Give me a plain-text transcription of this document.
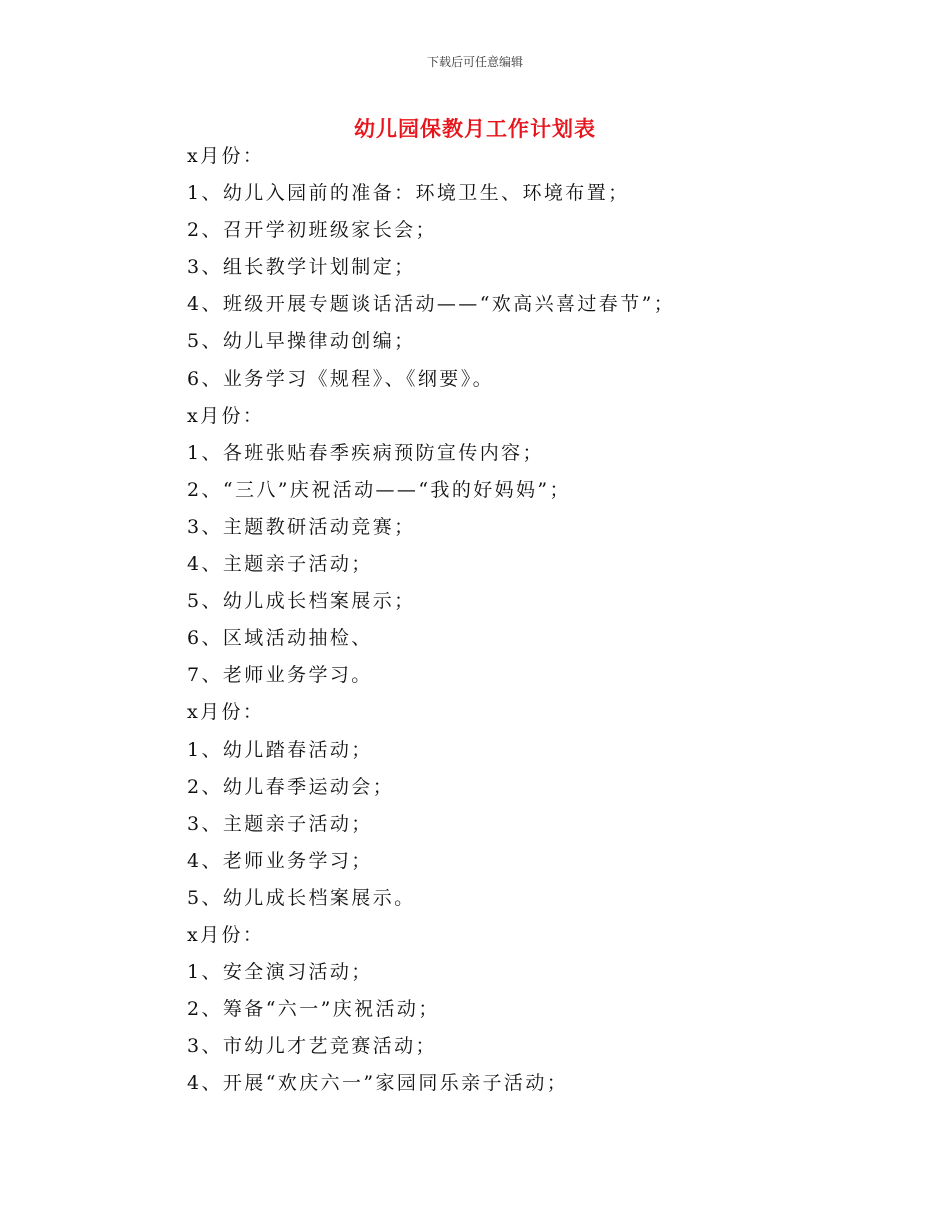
下载后可任意编辑
幼儿园保教月工作计划表
x月份：
1、幼儿入园前的准备：环境卫生、环境布置；
2、召开学初班级家长会；
3、组长教学计划制定；
4、班级开展专题谈话活动——“欢高兴喜过春节”；
5、幼儿早操律动创编；
6、业务学习《规程》、《纲要》。
x月份：
1、各班张贴春季疾病预防宣传内容；
2、“三八”庆祝活动——“我的好妈妈”；
3、主题教研活动竞赛；
4、主题亲子活动；
5、幼儿成长档案展示；
6、区域活动抽检、
7、老师业务学习。
x月份：
1、幼儿踏春活动；
2、幼儿春季运动会；
3、主题亲子活动；
4、老师业务学习；
5、幼儿成长档案展示。
x月份：
1、安全演习活动；
2、筹备“六一”庆祝活动；
3、市幼儿才艺竞赛活动；
4、开展“欢庆六一”家园同乐亲子活动；
